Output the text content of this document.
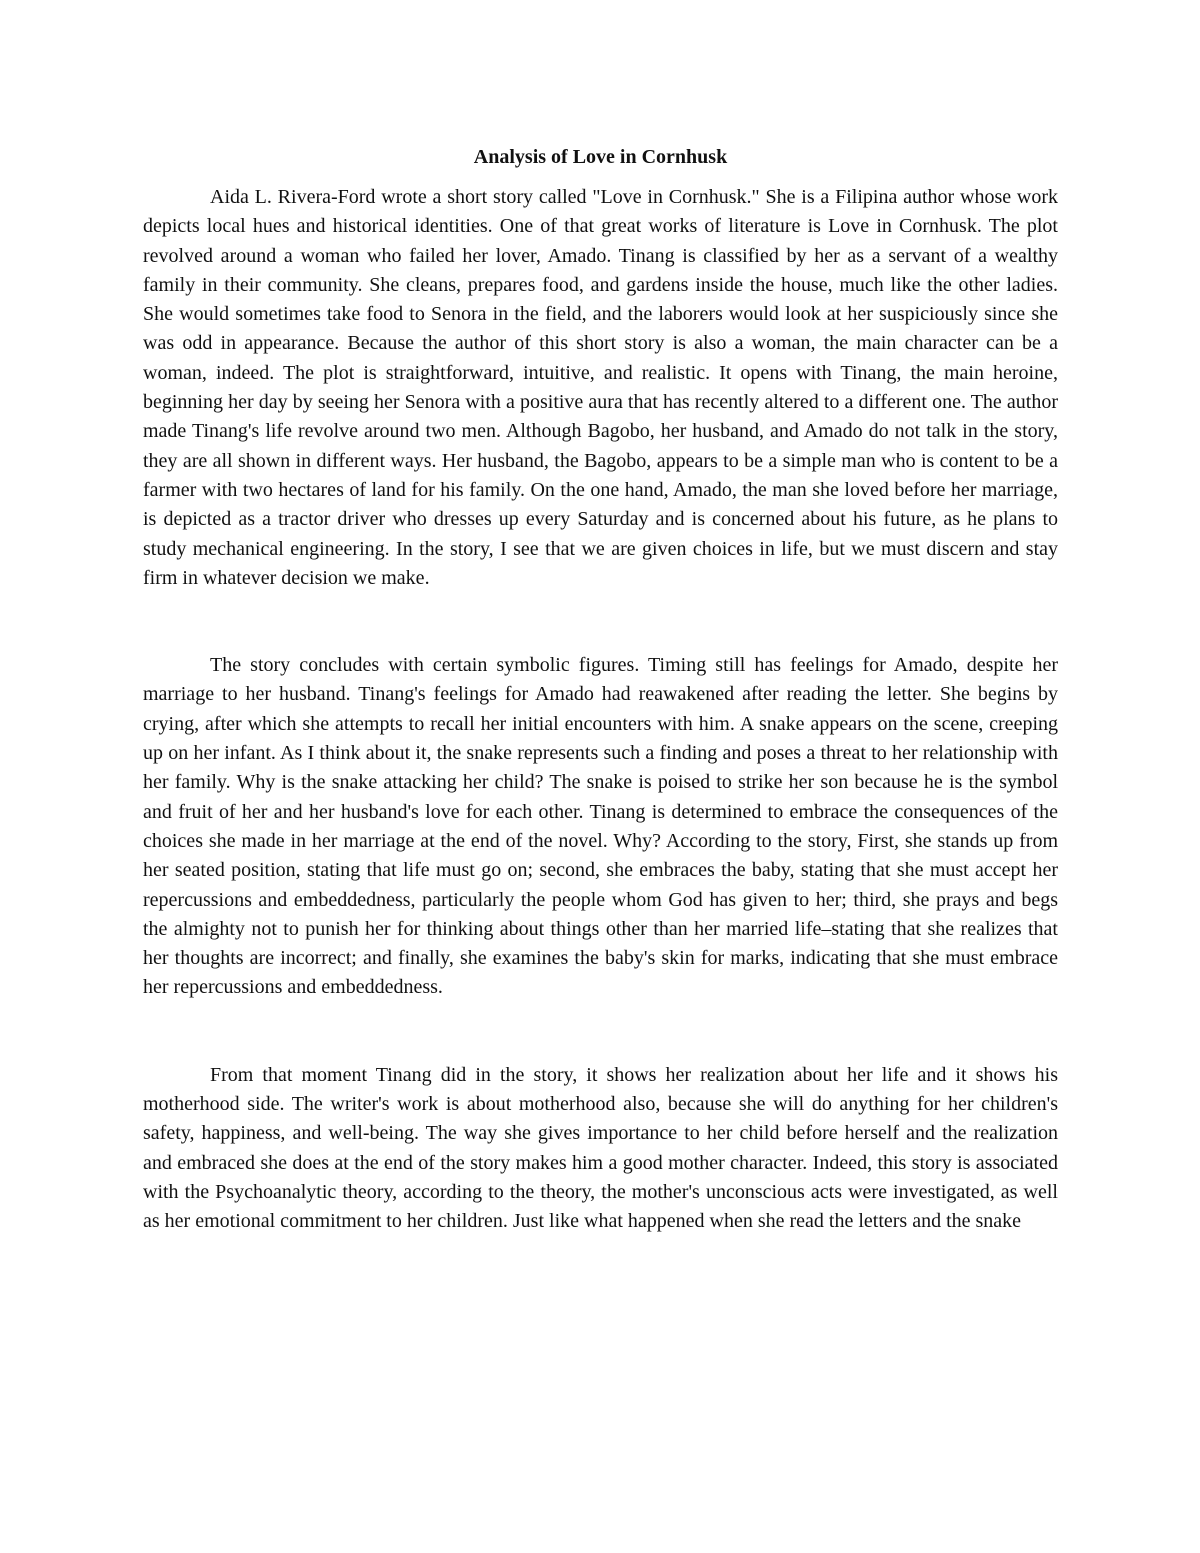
Analysis of Love in Cornhusk

Aida L. Rivera-Ford wrote a short story called "Love in Cornhusk." She is a Filipina author whose work depicts local hues and historical identities. One of that great works of literature is Love in Cornhusk. The plot revolved around a woman who failed her lover, Amado. Tinang is classified by her as a servant of a wealthy family in their community. She cleans, prepares food, and gardens inside the house, much like the other ladies. She would sometimes take food to Senora in the field, and the laborers would look at her suspiciously since she was odd in appearance. Because the author of this short story is also a woman, the main character can be a woman, indeed. The plot is straightforward, intuitive, and realistic. It opens with Tinang, the main heroine, beginning her day by seeing her Senora with a positive aura that has recently altered to a different one. The author made Tinang's life revolve around two men. Although Bagobo, her husband, and Amado do not talk in the story, they are all shown in different ways. Her husband, the Bagobo, appears to be a simple man who is content to be a farmer with two hectares of land for his family. On the one hand, Amado, the man she loved before her marriage, is depicted as a tractor driver who dresses up every Saturday and is concerned about his future, as he plans to study mechanical engineering. In the story, I see that we are given choices in life, but we must discern and stay firm in whatever decision we make.

The story concludes with certain symbolic figures. Timing still has feelings for Amado, despite her marriage to her husband. Tinang's feelings for Amado had reawakened after reading the letter. She begins by crying, after which she attempts to recall her initial encounters with him. A snake appears on the scene, creeping up on her infant. As I think about it, the snake represents such a finding and poses a threat to her relationship with her family. Why is the snake attacking her child? The snake is poised to strike her son because he is the symbol and fruit of her and her husband's love for each other. Tinang is determined to embrace the consequences of the choices she made in her marriage at the end of the novel. Why? According to the story, First, she stands up from her seated position, stating that life must go on; second, she embraces the baby, stating that she must accept her repercussions and embeddedness, particularly the people whom God has given to her; third, she prays and begs the almighty not to punish her for thinking about things other than her married life–stating that she realizes that her thoughts are incorrect; and finally, she examines the baby's skin for marks, indicating that she must embrace her repercussions and embeddedness.

From that moment Tinang did in the story, it shows her realization about her life and it shows his motherhood side. The writer's work is about motherhood also, because she will do anything for her children's safety, happiness, and well-being. The way she gives importance to her child before herself and the realization and embraced she does at the end of the story makes him a good mother character. Indeed, this story is associated with the Psychoanalytic theory, according to the theory, the mother's unconscious acts were investigated, as well as her emotional commitment to her children. Just like what happened when she read the letters and the snake
